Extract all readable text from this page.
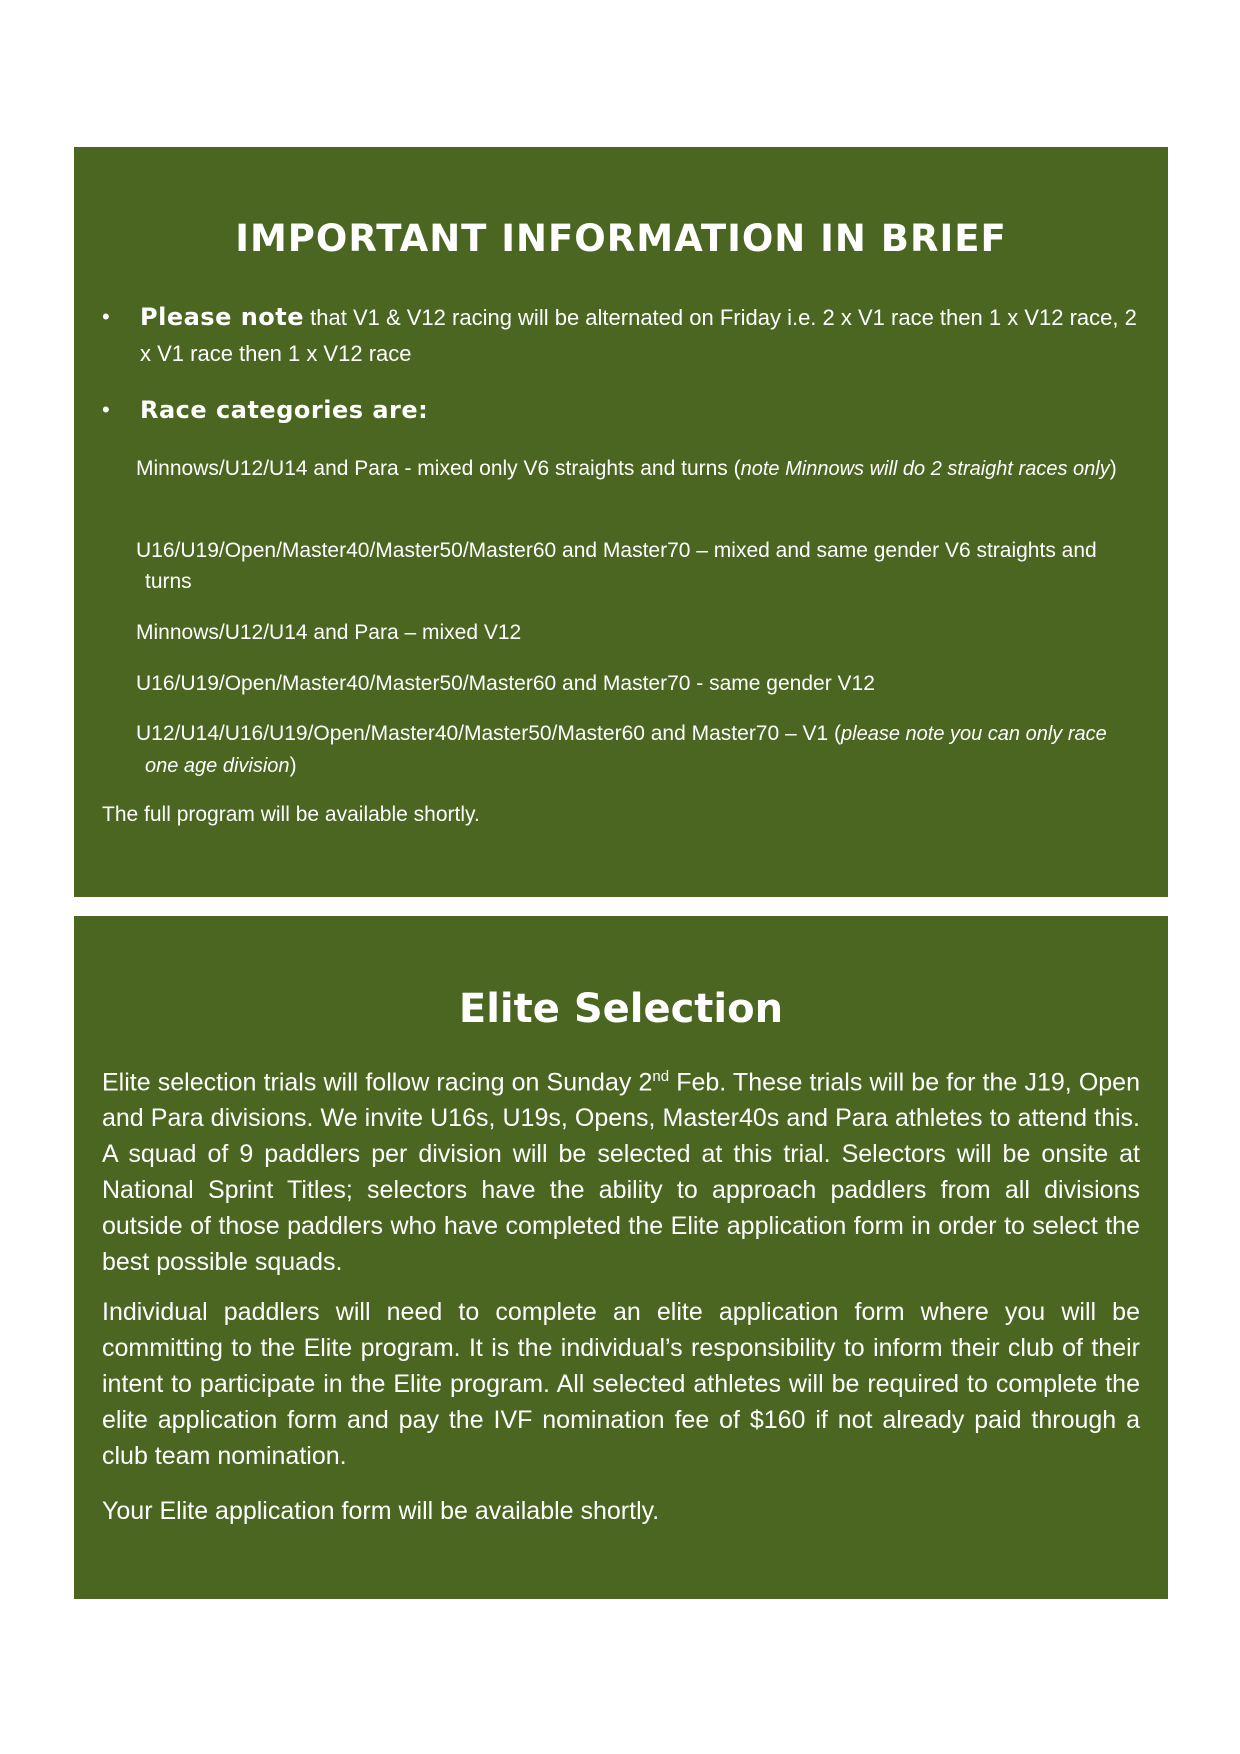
IMPORTANT INFORMATION IN BRIEF
• Please note that V1 & V12 racing will be alternated on Friday i.e. 2 x V1 race then 1 x V12 race, 2 x V1 race then 1 x V12 race
• Race categories are:
Minnows/U12/U14 and Para - mixed only V6 straights and turns (note Minnows will do 2 straight races only)
U16/U19/Open/Master40/Master50/Master60 and Master70 – mixed and same gender V6 straights and turns
Minnows/U12/U14 and Para – mixed V12
U16/U19/Open/Master40/Master50/Master60 and Master70 - same gender V12
U12/U14/U16/U19/Open/Master40/Master50/Master60 and Master70 – V1 (please note you can only race one age division)
The full program will be available shortly.
Elite Selection

Elite selection trials will follow racing on Sunday 2nd Feb. These trials will be for the J19, Open and Para divisions. We invite U16s, U19s, Opens, Master40s and Para athletes to attend this. A squad of 9 paddlers per division will be selected at this trial. Selectors will be onsite at National Sprint Titles; selectors have the ability to approach paddlers from all divisions outside of those paddlers who have completed the Elite application form in order to select the best possible squads.

Individual paddlers will need to complete an elite application form where you will be committing to the Elite program. It is the individual’s responsibility to inform their club of their intent to participate in the Elite program. All selected athletes will be required to complete the elite application form and pay the IVF nomination fee of $160 if not already paid through a club team nomination.

Your Elite application form will be available shortly.
